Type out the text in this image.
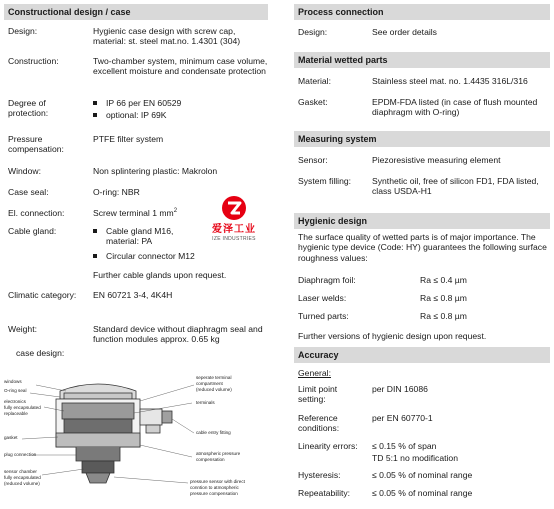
Constructional design / case
Design:	Hygienic case design with screw cap, material: st. steel mat.no. 1.4301 (304)
Construction:	Two-chamber system, minimum case volume, excellent moisture and condensate protection
Degree of protection:
IP 66 per EN 60529
optional: IP 69K
Pressure compensation:
PTFE filter system
Window:	Non splintering plastic: Makrolon
Case seal:	O-ring: NBR
El. connection:	Screw terminal 1 $mm^2$
Cable gland:	Cable gland M16, material: PA
Circular connector M12
Further cable glands upon request.
Climatic category:	EN 60721 3-4, 4K4H
Weight:	Standard device without diaphragm seal and function modules approx. 0.65 kg
case design:
爱泽工业
IZE INDUSTRIES
windows
O-ring seal
electronics
fully encapsulated
replaceable
gasket
plug connection
sensor chamber
fully encapsulated
(reduced volume)
seperate terminal
compartment
(reduced volume)
terminals
cable entry fitting
atmospheric pressure
compensation
pressure sensor with direct
conntion to atmospheric
pressure compensation
Process connection
Design:	See order details
Material wetted parts
Material:	Stainless steel mat. no. 1.4435 316L/316
Gasket:	EPDM-FDA listed (in case of flush mounted diaphragm with O-ring)
Measuring system
Sensor:	Piezoresistive measuring element
System filling:	Synthetic oil, free of silicon FD1, FDA listed, class USDA-H1
Hygienic design
The surface quality of wetted parts is of major importance. The hygienic type device (Code: HY) guarantees the following surface roughness values:
Diaphragm foil:	Ra ≤ 0.4 µm
Laser welds:	Ra ≤ 0.8 µm
Turned parts:	Ra ≤ 0.8 µm
Further versions of hygienic design upon request.
Accuracy
General:
Limit point setting:
per DIN 16086
Reference conditions:
per EN 60770-1
Linearity errors: ≤ 0.15 % of span
TD 5:1 no modification
Hysteresis:	≤ 0.05 % of nominal range
Repeatability:	≤ 0.05 % of nominal range
